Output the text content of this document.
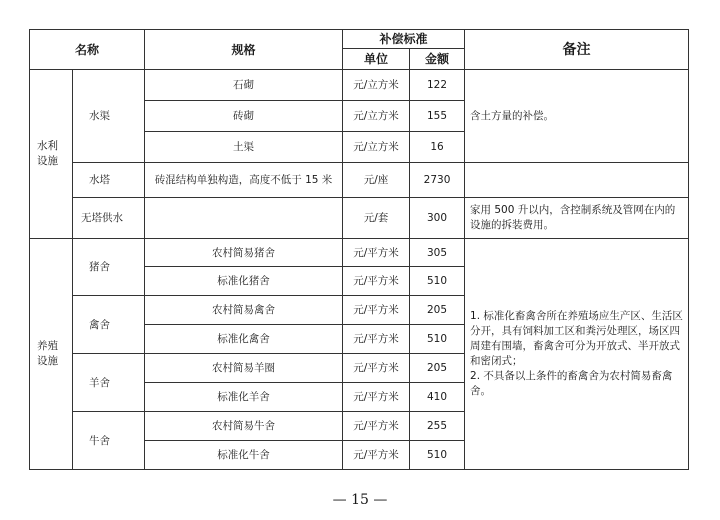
名称		规格	补偿标准		备注
			单位	金额	
水利设施	水渠	石砌	元/立方米	122	含土方量的补偿。
		砖砌	元/立方米	155	
		土渠	元/立方米	16	
	水塔	砖混结构单独构造，高度不低于 15 米	元/座	2730	
	无塔供水		元/套	300	家用 500 升以内，含控制系统及管网在内的设施的拆装费用。
养殖设施	猪舍	农村简易猪舍	元/平方米	305	1. 标准化畜禽舍所在养殖场应生产区、生活区分开，具有饲料加工区和粪污处理区，场区四周建有围墙，畜禽舍可分为开放式、半开放式和密闭式；
2. 不具备以上条件的畜禽舍为农村简易畜禽舍。

		标准化猪舍	元/平方米	510	
	禽舍	农村简易禽舍	元/平方米	205	
		标准化禽舍	元/平方米	510	
	羊舍	农村简易羊圈	元/平方米	205	
		标准化羊舍	元/平方米	410	
	牛舍	农村简易牛舍	元/平方米	255	
		标准化牛舍	元/平方米	510	
— 15 —
